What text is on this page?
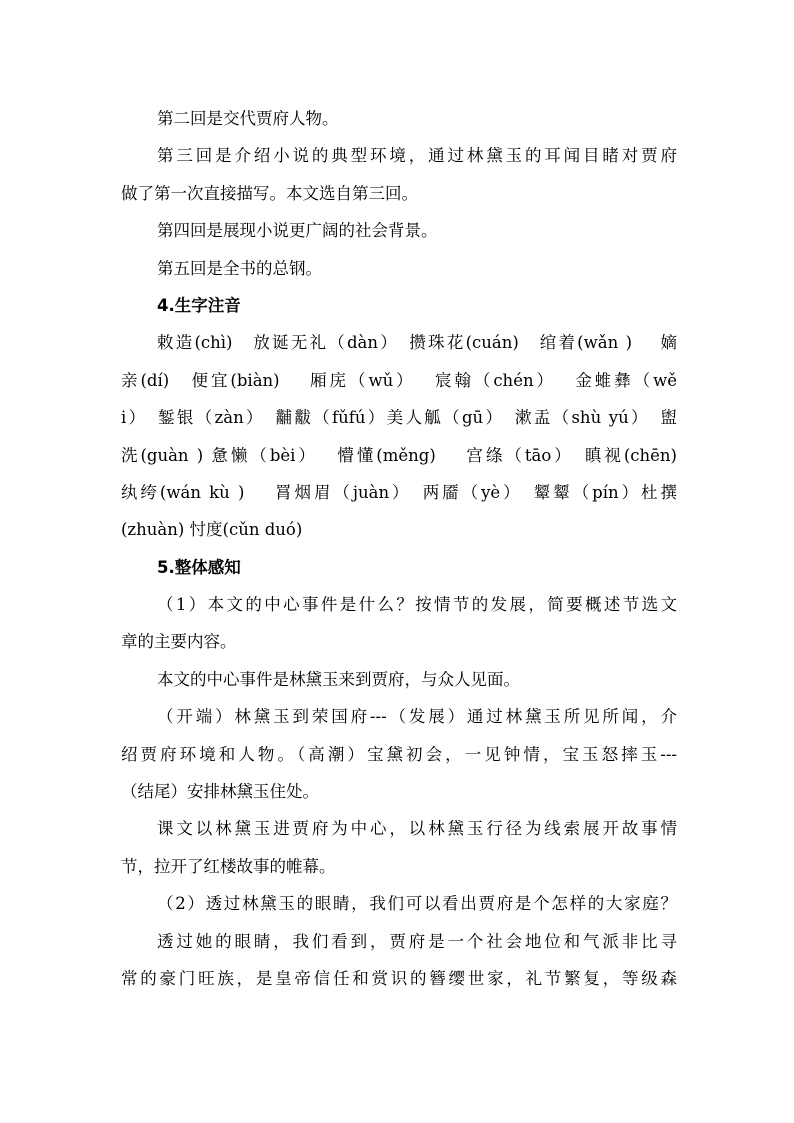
第二回是交代贾府人物。
第三回是介绍小说的典型环境，通过林黛玉的耳闻目睹对贾府
做了第一次直接描写。本文选自第三回。
第四回是展现小说更广阔的社会背景。
第五回是全书的总钢。
4.生字注音
敕造(chì)　放诞无礼（dàn）　攒珠花(cuán)　绾着(wǎn )　 嫡
亲(dí)　便宜(biàn)　 厢庑（wǔ）　 宸翰（chén）　 金蜼彝（wě
i）　錾银（zàn）　黼黻（fǔfú）美人觚（gū）　漱盂（shù yú）　盥
洗(guàn ) 惫懒（bèi）　 懵懂(měng)　 宫绦（tāo）　瞋视(chēn)
纨绔(wán kù )　 罥烟眉（juàn）　两靥（yè）　颦颦（pín）杜撰
(zhuàn) 忖度(cǔn duó)
5.整体感知
（1）本文的中心事件是什么？按情节的发展，简要概述节选文
章的主要内容。
本文的中心事件是林黛玉来到贾府，与众人见面。
（开端）林黛玉到荣国府---（发展）通过林黛玉所见所闻，介
绍贾府环境和人物。（高潮）宝黛初会，一见钟情，宝玉怒摔玉---
（结尾）安排林黛玉住处。
课文以林黛玉进贾府为中心，以林黛玉行径为线索展开故事情
节，拉开了红楼故事的帷幕。
（2）透过林黛玉的眼睛，我们可以看出贾府是个怎样的大家庭？
透过她的眼睛，我们看到，贾府是一个社会地位和气派非比寻
常的豪门旺族，是皇帝信任和赏识的簪缨世家，礼节繁复，等级森
